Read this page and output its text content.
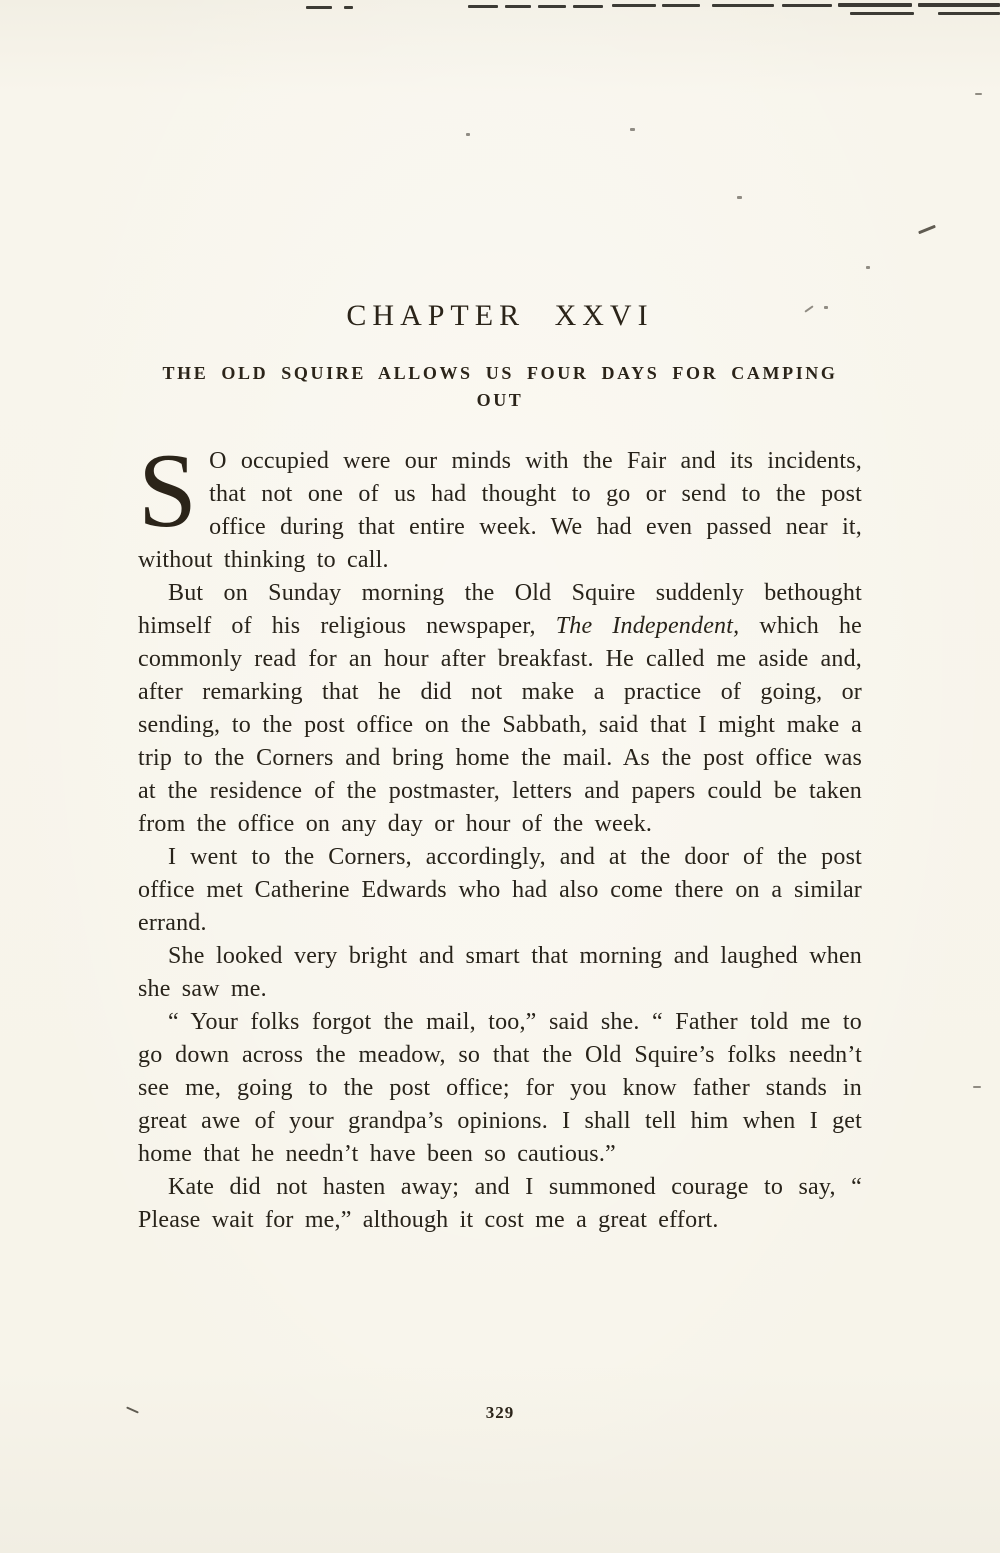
CHAPTER XXVI
THE OLD SQUIRE ALLOWS US FOUR DAYS FOR CAMPING
OUT

S O occupied were our minds with the Fair and its incidents, that not one of us had thought to go or send to the post office during that entire week. We had even passed near it, without thinking to call.

But on Sunday morning the Old Squire suddenly bethought himself of his religious newspaper, The Independent, which he commonly read for an hour after breakfast. He called me aside and, after remarking that he did not make a practice of going, or sending, to the post office on the Sabbath, said that I might make a trip to the Corners and bring home the mail. As the post office was at the residence of the postmaster, letters and papers could be taken from the office on any day or hour of the week.

I went to the Corners, accordingly, and at the door of the post office met Catherine Edwards who had also come there on a similar errand.

She looked very bright and smart that morning and laughed when she saw me.

“ Your folks forgot the mail, too,” said she. “ Father told me to go down across the meadow, so that the Old Squire’s folks needn’t see me, going to the post office; for you know father stands in great awe of your grandpa’s opinions. I shall tell him when I get home that he needn’t have been so cautious.”

Kate did not hasten away; and I summoned courage to say, “ Please wait for me,” although it cost me a great effort.

329
